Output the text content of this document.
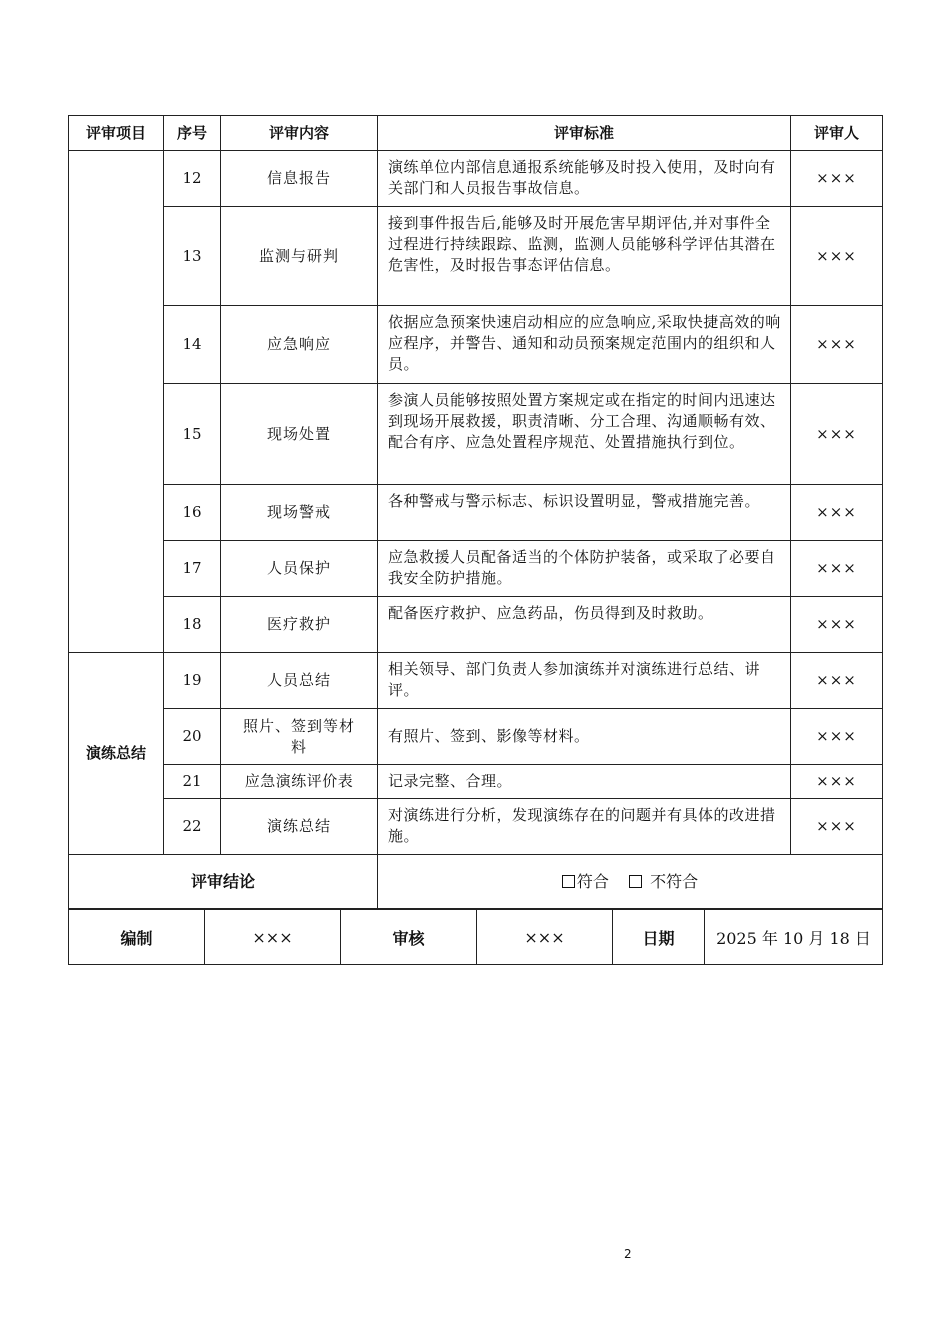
评审项目	序号	评审内容	评审标准	评审人
	12	信息报告	演练单位内部信息通报系统能够及时投入使用，及时向有关部门和人员报告事故信息。	×××
	13	监测与研判	接到事件报告后,能够及时开展危害早期评估,并对事件全过程进行持续跟踪、监测，监测人员能够科学评估其潜在危害性，及时报告事态评估信息。	×××
	14	应急响应	依据应急预案快速启动相应的应急响应,采取快捷高效的响应程序，并警告、通知和动员预案规定范围内的组织和人员。	×××
	15	现场处置	参演人员能够按照处置方案规定或在指定的时间内迅速达到现场开展救援，职责清晰、分工合理、沟通顺畅有效、配合有序、应急处置程序规范、处置措施执行到位。	×××
	16	现场警戒	各种警戒与警示标志、标识设置明显，警戒措施完善。	×××
	17	人员保护	应急救援人员配备适当的个体防护装备，或采取了必要自我安全防护措施。	×××
	18	医疗救护	配备医疗救护、应急药品，伤员得到及时救助。	×××
演练总结	19	人员总结	相关领导、部门负责人参加演练并对演练进行总结、讲评。	×××
	20	照片、签到等材料	有照片、签到、影像等材料。	×××
	21	应急演练评价表	记录完整、合理。	×××
	22	演练总结	对演练进行分析，发现演练存在的问题并有具体的改进措施。	×××
评审结论			符合 不符合	
编制	×××	审核	×××	日期	2025 年 10 月 18 日
2
